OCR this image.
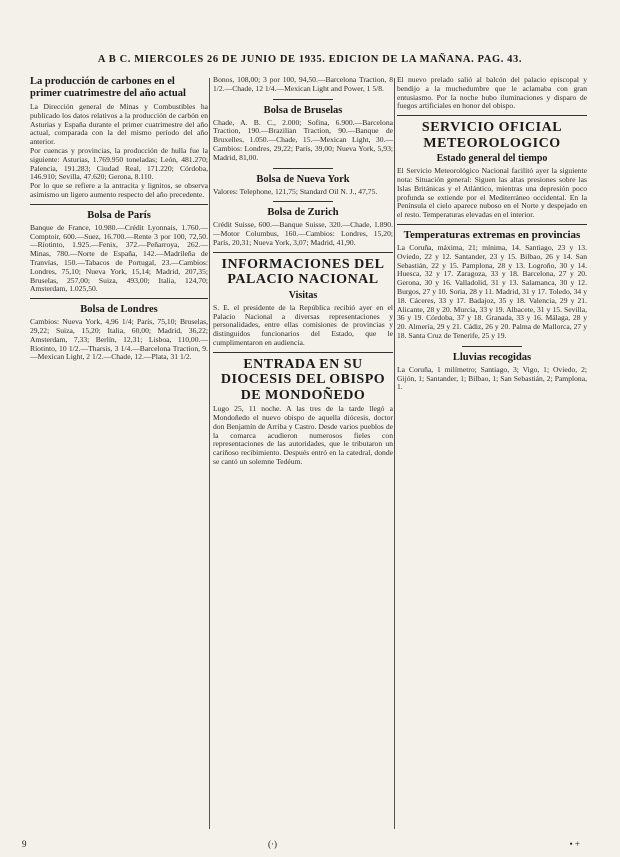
A B C. MIERCOLES 26 DE JUNIO DE 1935. EDICION DE LA MAÑANA. PAG. 43.

La producción de carbones en el primer cuatrimestre del año actual

La Dirección general de Minas y Combustibles ha publicado los datos relativos a la producción de carbón en Asturias y España durante el primer cuatrimestre del año actual, comparada con la del mismo período del año anterior.

Por cuencas y provincias, la producción de hulla fue la siguiente: Asturias, 1.769.950 toneladas; León, 481.270; Palencia, 191.283; Ciudad Real, 171.220; Córdoba, 146.910; Sevilla, 47.620; Gerona, 8.110.

Por lo que se refiere a la antracita y lignitos, se observa asimismo un ligero aumento respecto del año precedente.

Bolsa de París

Banque de France, 10.980.—Crédit Lyonnais, 1.760.—Comptoir, 600.—Suez, 16.700.—Rente 3 por 100, 72,50.—Ríotinto, 1.925.—Fenix, 372.—Peñarroya, 262.—Minas, 780.—Norte de España, 142.—Madrileña de Tranvías, 150.—Tabacos de Portugal, 23.—Cambios: Londres, 75,10; Nueva York, 15,14; Madrid, 207,35; Bruselas, 257,00; Suiza, 493,00; Italia, 124,70; Amsterdam, 1.025,50.

Bolsa de Londres

Cambios: Nueva York, 4,96 1/4; París, 75,10; Bruselas, 29,22; Suiza, 15,20; Italia, 60,00; Madrid, 36,22; Amsterdam, 7,33; Berlín, 12,31; Lisboa, 110,00.—Ríotinto, 10 1/2.—Tharsis, 3 1/4.—Barcelona Traction, 9.—Mexican Light, 2 1/2.—Chade, 12.—Plata, 31 1/2.

Bonos, 108,00; 3 por 100, 94,50.—Barcelona Traction, 8 1/2.—Chade, 12 1/4.—Mexican Light and Power, 1 5/8.

Bolsa de Bruselas

Chade, A. B. C., 2.000; Sofina, 6.900.—Barcelona Traction, 190.—Brazilian Traction, 90.—Banque de Bruxelles, 1.050.—Chade, 15.—Mexican Light, 30.—Cambios: Londres, 29,22; París, 39,00; Nueva York, 5,93; Madrid, 81,00.

Bolsa de Nueva York

Valores: Telephone, 121,75; Standard Oil N. J., 47,75.

Bolsa de Zurich

Crédit Suisse, 600.—Banque Suisse, 320.—Chade, 1.890.—Motor Columbus, 160.—Cambios: Londres, 15,20; París, 20,31; Nueva York, 3,07; Madrid, 41,90.

INFORMACIONES DEL PALACIO NACIONAL
Visitas

S. E. el presidente de la República recibió ayer en el Palacio Nacional a diversas representaciones y personalidades, entre ellas comisiones de provincias y distinguidos funcionarios del Estado, que le cumplimentaron en audiencia.

ENTRADA EN SU DIOCESIS DEL OBISPO DE MONDOÑEDO

Lugo 25, 11 noche. A las tres de la tarde llegó a Mondoñedo el nuevo obispo de aquella diócesis, doctor don Benjamín de Arriba y Castro. Desde varios pueblos de la comarca acudieron numerosos fieles con representaciones de las autoridades, que le tributaron un cariñoso recibimiento. Después entró en la catedral, donde se cantó un solemne Tedéum.

El nuevo prelado salió al balcón del palacio episcopal y bendijo a la muchedumbre que le aclamaba con gran entusiasmo. Por la noche hubo iluminaciones y disparo de fuegos artificiales en honor del obispo.

SERVICIO OFICIAL METEOROLOGICO
Estado general del tiempo

El Servicio Meteorológico Nacional facilitó ayer la siguiente nota: Situación general: Siguen las altas presiones sobre las Islas Británicas y el Atlántico, mientras una depresión poco profunda se extiende por el Mediterráneo occidental. En la Península el cielo aparece nuboso en el Norte y despejado en el resto. Temperaturas elevadas en el interior.

Temperaturas extremas en provincias

La Coruña, máxima, 21; mínima, 14. Santiago, 23 y 13. Oviedo, 22 y 12. Santander, 23 y 15. Bilbao, 26 y 14. San Sebastián, 22 y 15. Pamplona, 28 y 13. Logroño, 30 y 14. Huesca, 32 y 17. Zaragoza, 33 y 18. Barcelona, 27 y 20. Gerona, 30 y 16. Valladolid, 31 y 13. Salamanca, 30 y 12. Burgos, 27 y 10. Soria, 28 y 11. Madrid, 31 y 17. Toledo, 34 y 18. Cáceres, 33 y 17. Badajoz, 35 y 18. Valencia, 29 y 21. Alicante, 28 y 20. Murcia, 33 y 19. Albacete, 31 y 15. Sevilla, 36 y 19. Córdoba, 37 y 18. Granada, 33 y 16. Málaga, 28 y 20. Almería, 29 y 21. Cádiz, 26 y 20. Palma de Mallorca, 27 y 18. Santa Cruz de Tenerife, 25 y 19.

Lluvias recogidas

La Coruña, 1 milímetro; Santiago, 3; Vigo, 1; Oviedo, 2; Gijón, 1; Santander, 1; Bilbao, 1; San Sebastián, 2; Pamplona, 1.

9	(·)	• +
